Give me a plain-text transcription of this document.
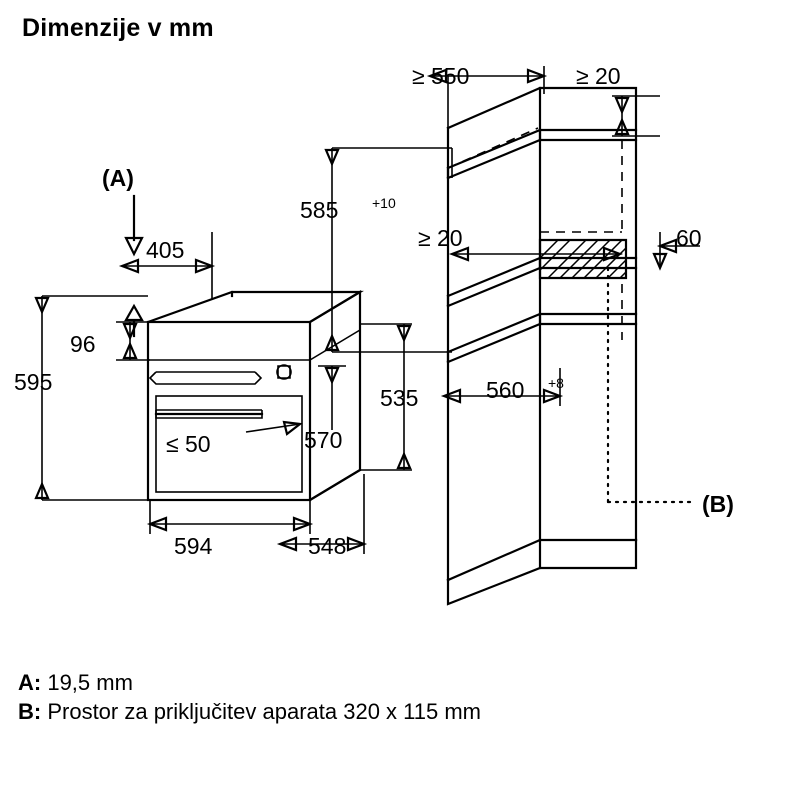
Dimenzije v mm
(A)
405
96
595
≤ 50	570
594	548
≥ 550	≥ 20
585 +10
≥ 20	60
535	560 +8
(B)
A: 19,5 mm
B: Prostor za priključitev aparata 320 x 115 mm
